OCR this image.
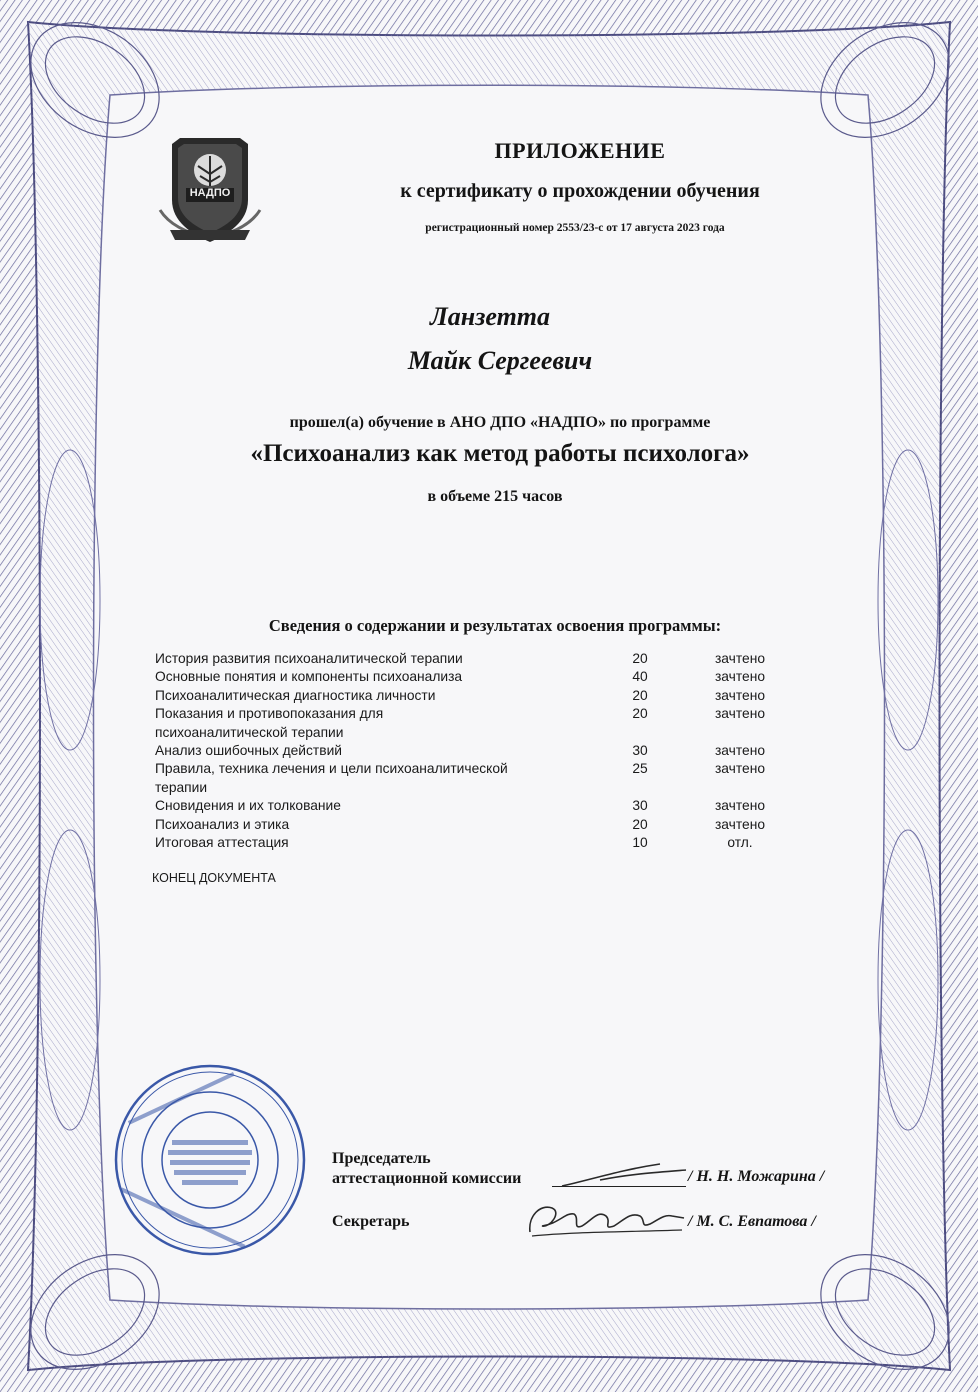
НАДПО
ПРИЛОЖЕНИЕ
к сертификату о прохождении обучения
регистрационный номер 2553/23-с от 17 августа 2023 года
Ланзетта
Майк Сергеевич
прошел(а) обучение в АНО ДПО «НАДПО» по программе
«Психоанализ как метод работы психолога»
в объеме 215 часов
Сведения о содержании и результатах освоения программы:
История развития психоаналитической терапии	20	зачтено
Основные понятия и компоненты психоанализа	40	зачтено
Психоаналитическая диагностика личности	20	зачтено
Показания и противопоказания для
психоаналитической терапии
20	зачтено
Анализ ошибочных действий	30	зачтено
Правила, техника лечения и цели психоаналитической
терапии
25	зачтено
Сновидения и их толкование	30	зачтено
Психоанализ и этика	20	зачтено
Итоговая аттестация	10	отл.
КОНЕЦ ДОКУМЕНТА
Председатель
аттестационной комиссии	/ Н. Н. Можарина /
Секретарь	/ М. С. Евпатова /
